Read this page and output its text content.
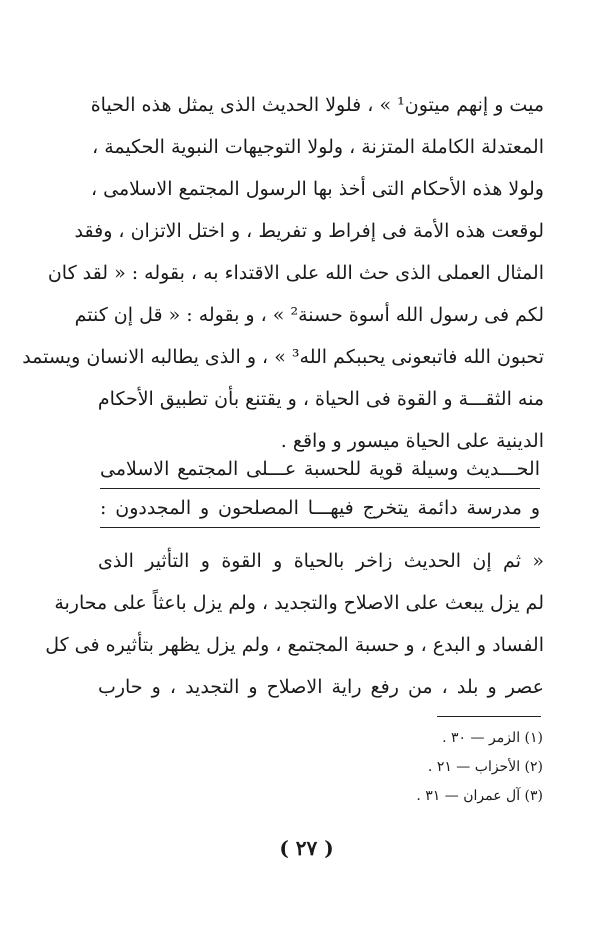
ميت و إنهم ميتون¹ » ، فلولا الحديث الذى يمثل هذه الحياة
المعتدلة الكاملة المتزنة ، ولولا التوجيهات النبوية الحكيمة ،
ولولا هذه الأحكام التى أخذ بها الرسول المجتمع الاسلامى ،
لوقعت هذه الأمة فى إفراط و تفريط ، و اختل الاتزان ، وفقد
المثال العملى الذى حث الله على الاقتداء به ، بقوله : « لقد كان
لكم فى رسول الله أسوة حسنة² » ، و بقوله : « قل إن كنتم
تحبون الله فاتبعونى يحببكم الله³ » ، و الذى يطالبه الانسان ويستمد
منه الثقـــة و القوة فى الحياة ، و يقتنع بأن تطبيق الأحكام
الدينية على الحياة ميسور و واقع .
الحـــديث وسيلة قوية للحسبة عـــلى المجتمع الاسلامى
و مدرسة دائمة يتخرج فيهـــا المصلحون و المجددون :
« ثم إن الحديث زاخر بالحياة و القوة و التأثير الذى
لم يزل يبعث على الاصلاح والتجديد ، ولم يزل باعثاً على محاربة
الفساد و البدع ، و حسبة المجتمع ، ولم يزل يظهر بتأثيره فى كل
عصر و بلد ، من رفع راية الاصلاح و التجديد ، و حارب
(١) الزمر — ٣٠ .
(٢) الأحزاب — ٢١ .
(٣) آل عمران — ٣١ .
( ٢٧ )
